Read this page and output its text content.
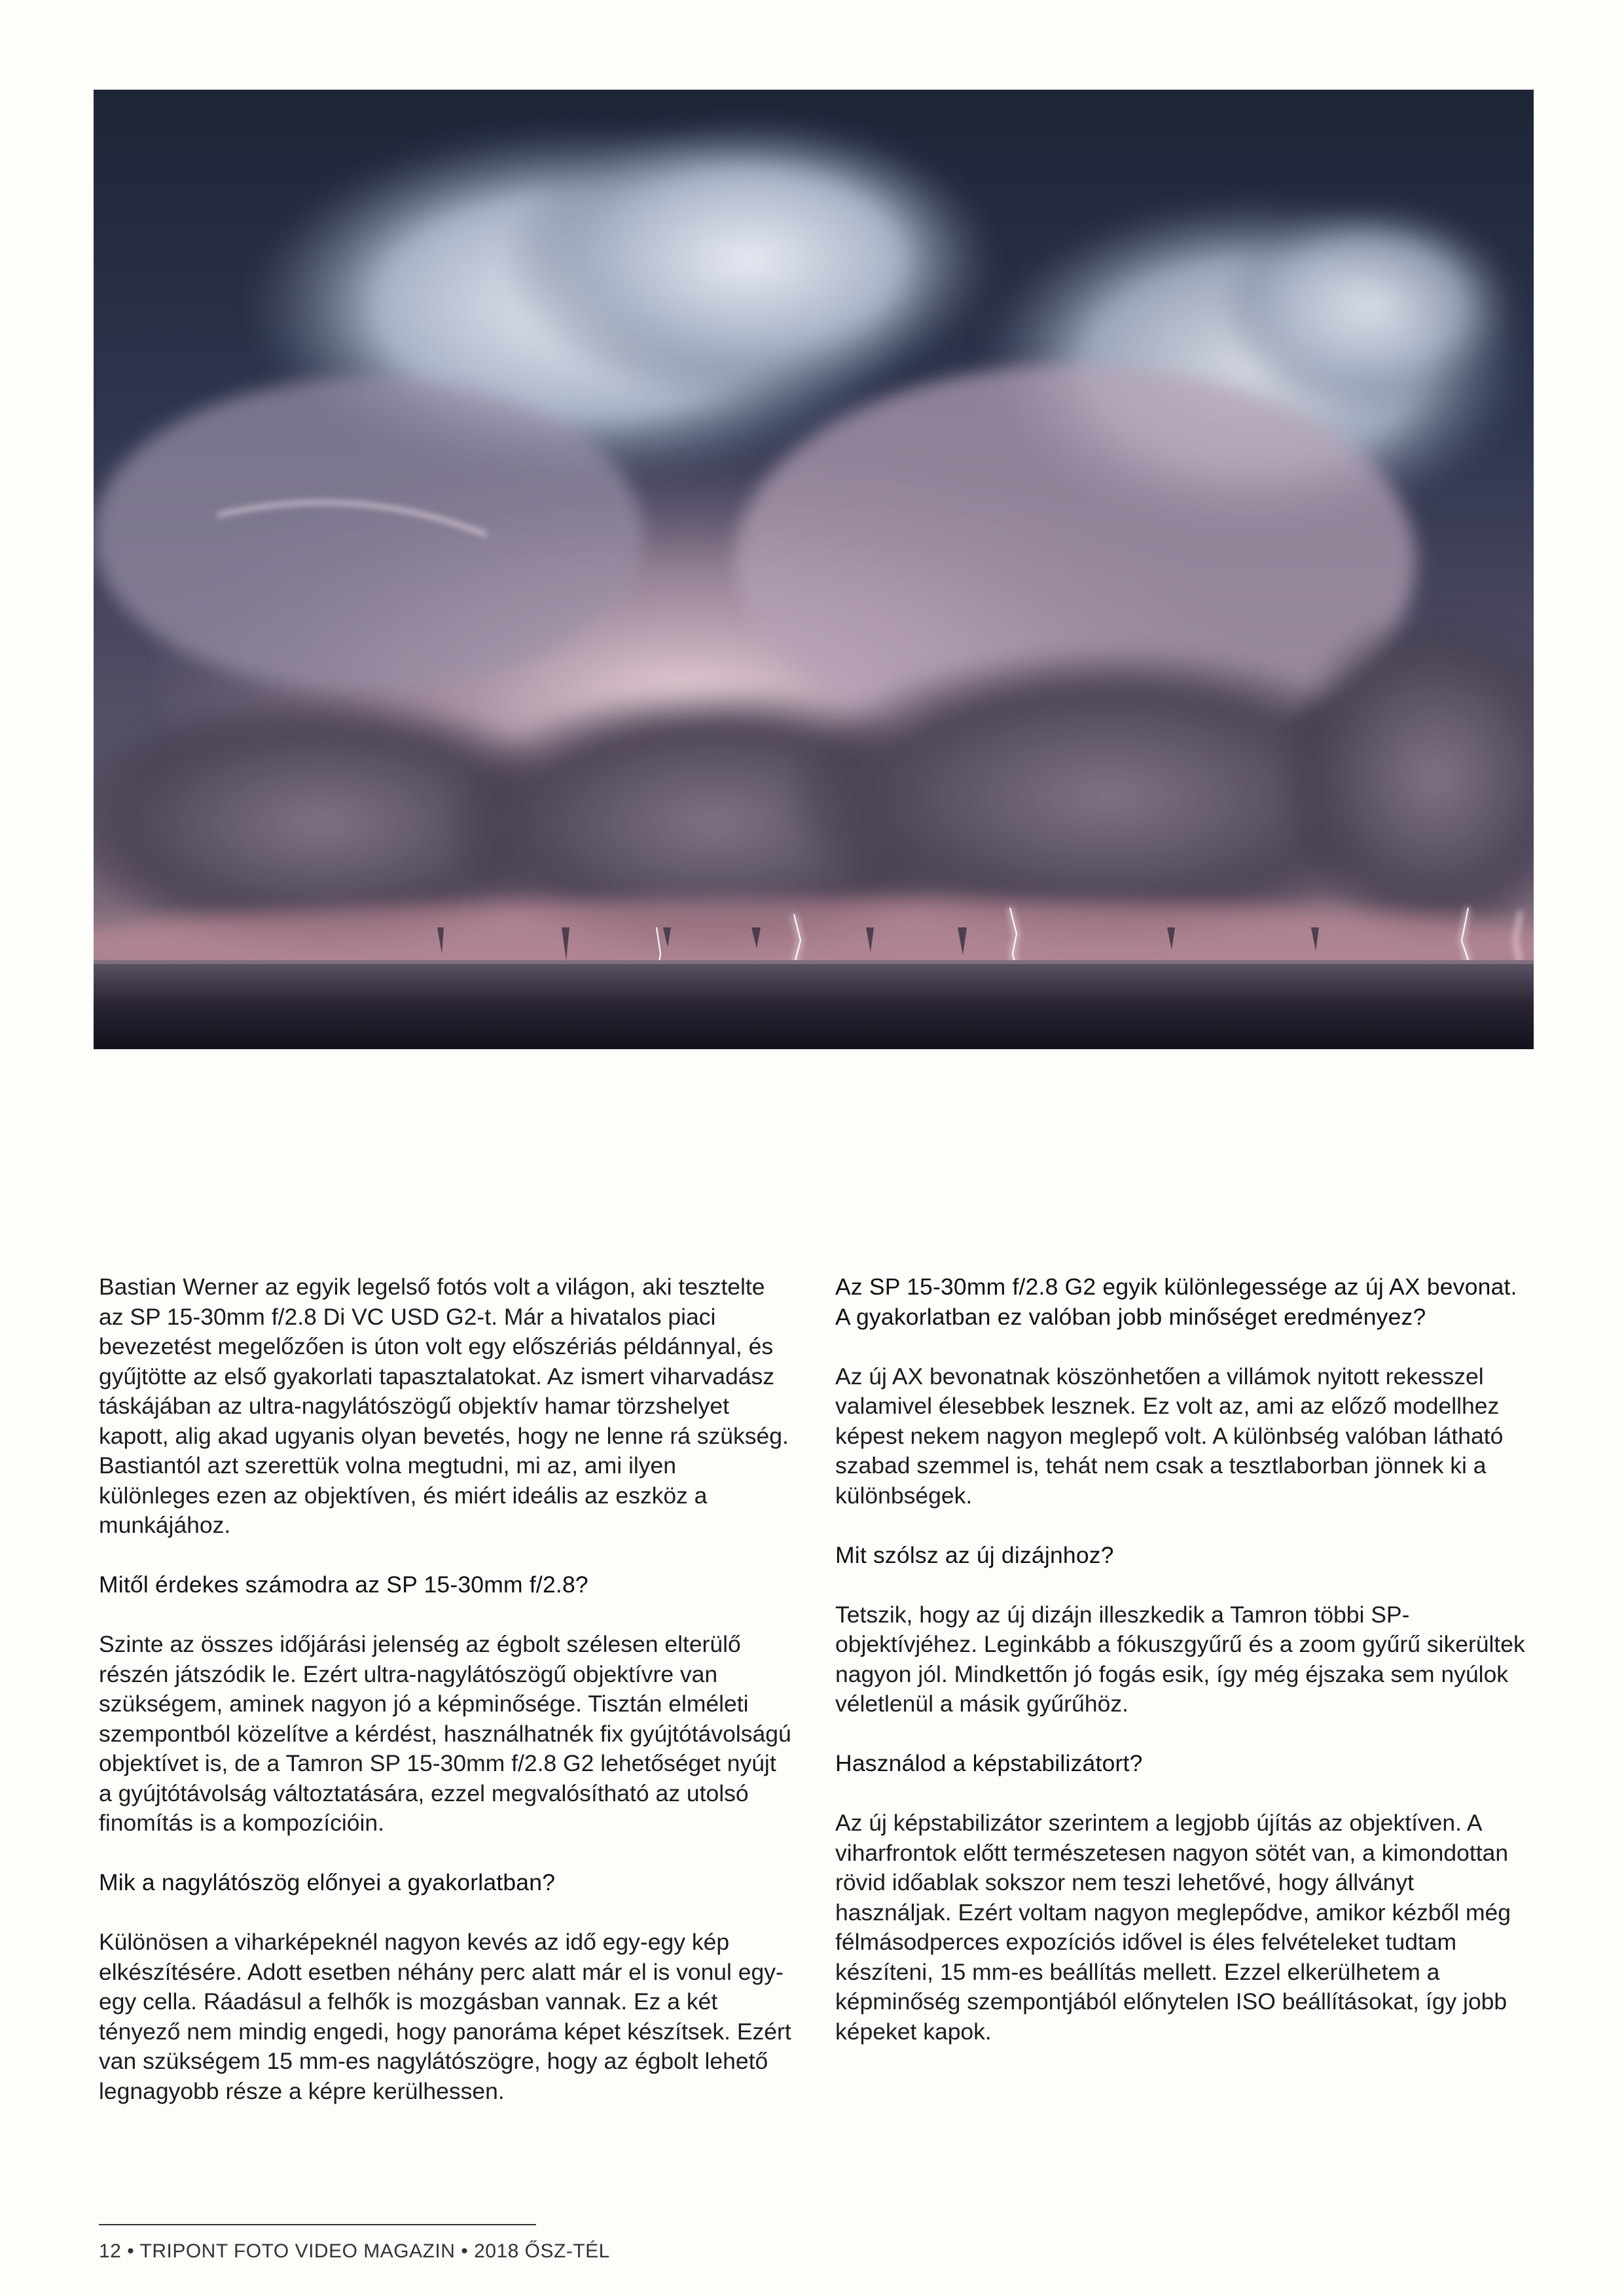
Bastian Werner az egyik legelső fotós volt a világon, aki tesztelte az SP 15-30mm f/2.8 Di VC USD G2-t. Már a hivatalos piaci bevezetést megelőzően is úton volt egy előszériás példánnyal, és gyűjtötte az első gyakorlati tapasztalatokat. Az ismert viharvadász táskájában az ultra-nagylátószögű objektív hamar törzshelyet kapott, alig akad ugyanis olyan bevetés, hogy ne lenne rá szükség. Bastiantól azt szerettük volna megtudni, mi az, ami ilyen különleges ezen az objektíven, és miért ideális az eszköz a munkájához.

Mitől érdekes számodra az SP 15-30mm f/2.8?

Szinte az összes időjárási jelenség az égbolt szélesen elterülő részén játszódik le. Ezért ultra-nagylátószögű objektívre van szükségem, aminek nagyon jó a képminősége. Tisztán elméleti szempontból közelítve a kérdést, használhatnék fix gyújtótávolságú objektívet is, de a Tamron SP 15-30mm f/2.8 G2 lehetőséget nyújt a gyújtótávolság változtatására, ezzel megvalósítható az utolsó finomítás is a kompozícióin.

Mik a nagylátószög előnyei a gyakorlatban?

Különösen a viharképeknél nagyon kevés az idő egy-egy kép elkészítésére. Adott esetben néhány perc alatt már el is vonul egy-egy cella. Ráadásul a felhők is mozgásban vannak. Ez a két tényező nem mindig engedi, hogy panoráma képet készítsek. Ezért van szükségem 15 mm-es nagylátószögre, hogy az égbolt lehető legnagyobb része a képre kerülhessen.

Az SP 15-30mm f/2.8 G2 egyik különlegessége az új AX bevonat. A gyakorlatban ez valóban jobb minőséget eredményez?

Az új AX bevonatnak köszönhetően a villámok nyitott rekesszel valamivel élesebbek lesznek. Ez volt az, ami az előző modellhez képest nekem nagyon meglepő volt. A különbség valóban látható szabad szemmel is, tehát nem csak a tesztlaborban jönnek ki a különbségek.

Mit szólsz az új dizájnhoz?

Tetszik, hogy az új dizájn illeszkedik a Tamron többi SP-objektívjéhez. Leginkább a fókuszgyűrű és a zoom gyűrű sikerültek nagyon jól. Mindkettőn jó fogás esik, így még éjszaka sem nyúlok véletlenül a másik gyűrűhöz.

Használod a képstabilizátort?

Az új képstabilizátor szerintem a legjobb újítás az objektíven. A viharfrontok előtt természetesen nagyon sötét van, a kimondottan rövid időablak sokszor nem teszi lehetővé, hogy állványt használjak. Ezért voltam nagyon meglepődve, amikor kézből még félmásodperces expozíciós idővel is éles felvételeket tudtam készíteni, 15 mm-es beállítás mellett. Ezzel elkerülhetem a képminőség szempontjából előnytelen ISO beállításokat, így jobb képeket kapok.

12 • TRIPONT FOTO VIDEO MAGAZIN • 2018 ŐSZ-TÉL
